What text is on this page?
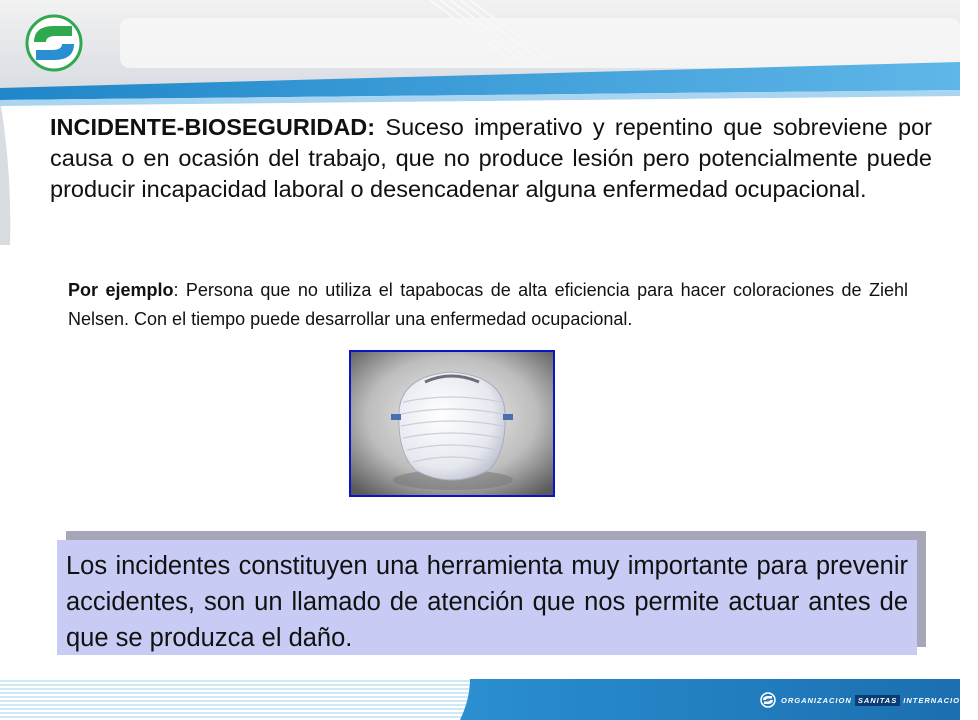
INCIDENTE-BIOSEGURIDAD: Suceso imperativo y repentino que sobreviene por causa o en ocasión del trabajo, que no produce lesión pero potencialmente puede producir incapacidad laboral o desencadenar alguna enfermedad ocupacional.
Por ejemplo: Persona que no utiliza el tapabocas de alta eficiencia para hacer coloraciones de Ziehl Nelsen. Con el tiempo puede desarrollar una enfermedad ocupacional.
Los incidentes constituyen una herramienta muy importante para prevenir accidentes, son un llamado de atención que nos permite actuar antes de que se produzca el daño.
ORGANIZACION SANITAS INTERNACIONAL
